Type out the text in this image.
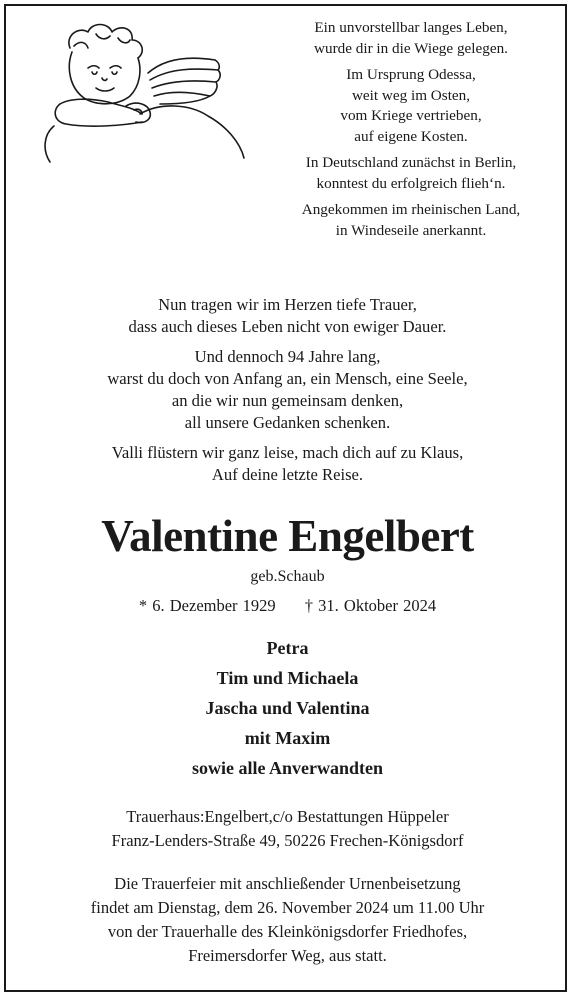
Ein unvorstellbar langes Leben,
wurde dir in die Wiege gelegen.

Im Ursprung Odessa,
weit weg im Osten,
vom Kriege vertrieben,
auf eigene Kosten.

In Deutschland zunächst in Berlin,
konntest du erfolgreich flieh‘n.

Angekommen im rheinischen Land,
in Windeseile anerkannt.

Nun tragen wir im Herzen tiefe Trauer,
dass auch dieses Leben nicht von ewiger Dauer.

Und dennoch 94 Jahre lang,
warst du doch von Anfang an, ein Mensch, eine Seele,
an die wir nun gemeinsam denken,
all unsere Gedanken schenken.

Valli flüstern wir ganz leise, mach dich auf zu Klaus,
Auf deine letzte Reise.

Valentine Engelbert
geb.Schaub
* 6. Dezember 1929 † 31. Oktober 2024
Petra
Tim und Michaela
Jascha und Valentina
mit Maxim
sowie alle Anverwandten
Trauerhaus:Engelbert,c/o Bestattungen Hüppeler
Franz-Lenders-Straße 49, 50226 Frechen-Königsdorf
Die Trauerfeier mit anschließender Urnenbeisetzung
findet am Dienstag, dem 26. November 2024 um 11.00 Uhr
von der Trauerhalle des Kleinkönigsdorfer Friedhofes,
Freimersdorfer Weg, aus statt.
